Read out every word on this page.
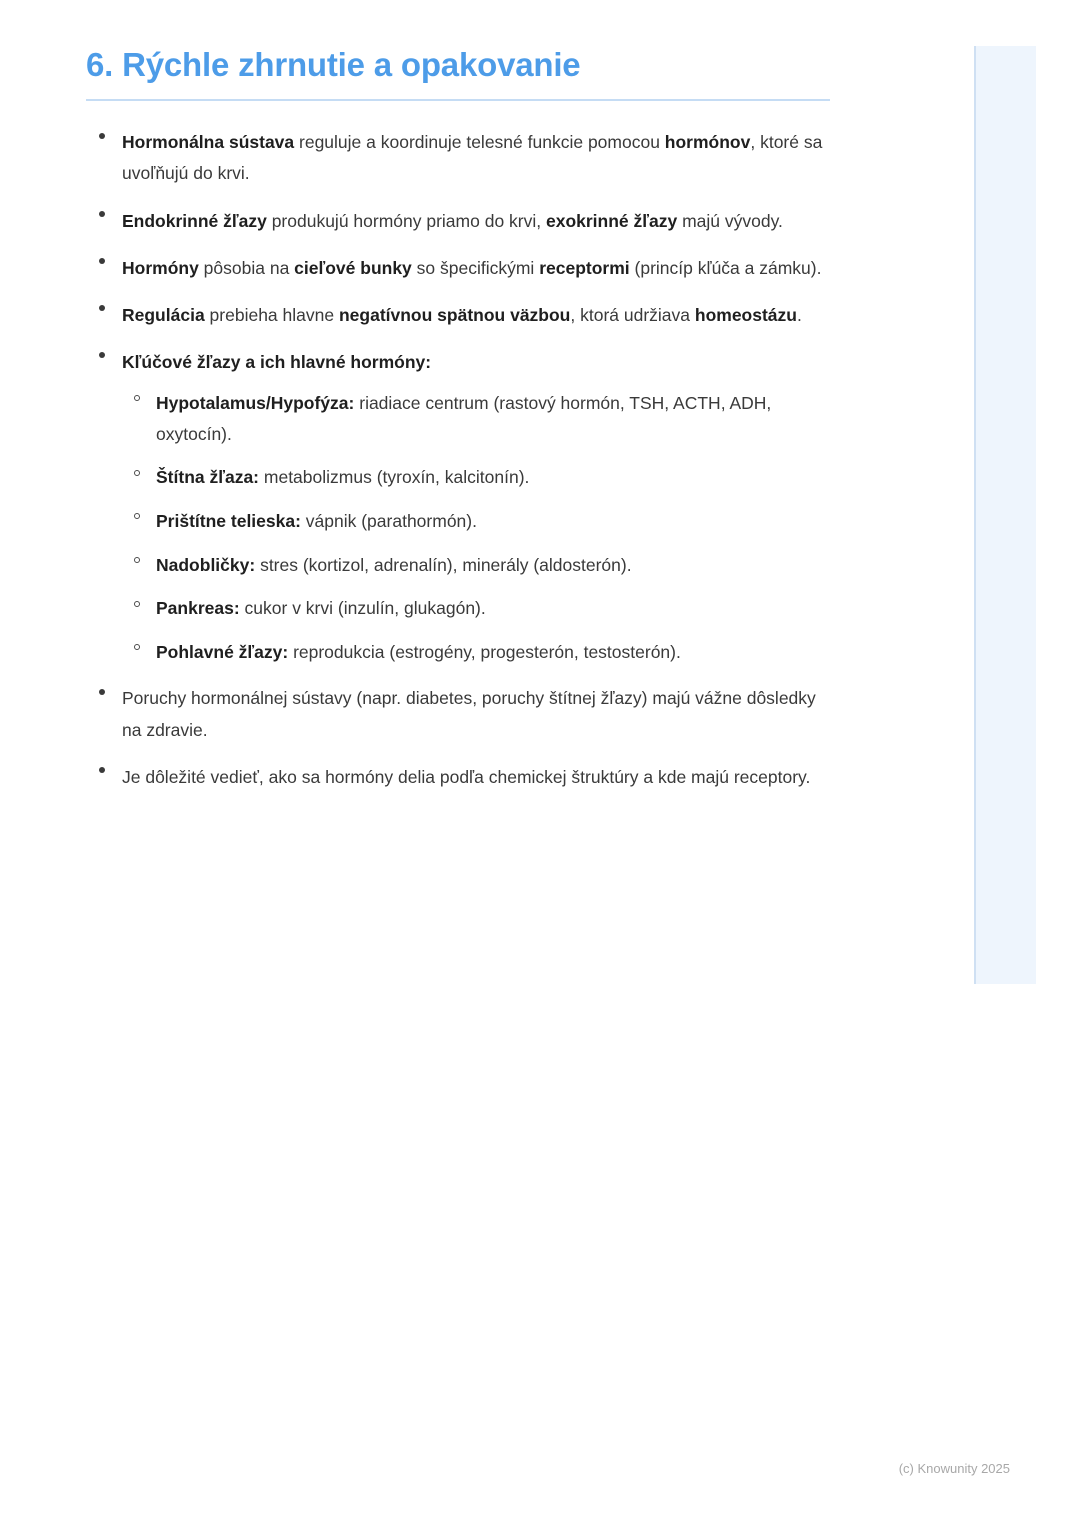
6. Rýchle zhrnutie a opakovanie
Hormonálna sústava reguluje a koordinuje telesné funkcie pomocou hormónov, ktoré sa uvoľňujú do krvi.
Endokrinné žľazy produkujú hormóny priamo do krvi, exokrinné žľazy majú vývody.
Hormóny pôsobia na cieľové bunky so špecifickými receptormi (princíp kľúča a zámku).
Regulácia prebieha hlavne negatívnou spätnou väzbou, ktorá udržiava homeostázu.
Kľúčové žľazy a ich hlavné hormóny:
Hypotalamus/Hypofýza: riadiace centrum (rastový hormón, TSH, ACTH, ADH, oxytocín).
Štítna žľaza: metabolizmus (tyroxín, kalcitonín).
Prištítne telieska: vápnik (parathormón).
Nadobličky: stres (kortizol, adrenalín), minerály (aldosterón).
Pankreas: cukor v krvi (inzulín, glukagón).
Pohlavné žľazy: reprodukcia (estrogény, progesterón, testosterón).
Poruchy hormonálnej sústavy (napr. diabetes, poruchy štítnej žľazy) majú vážne dôsledky na zdravie.
Je dôležité vedieť, ako sa hormóny delia podľa chemickej štruktúry a kde majú receptory.
(c) Knowunity 2025
